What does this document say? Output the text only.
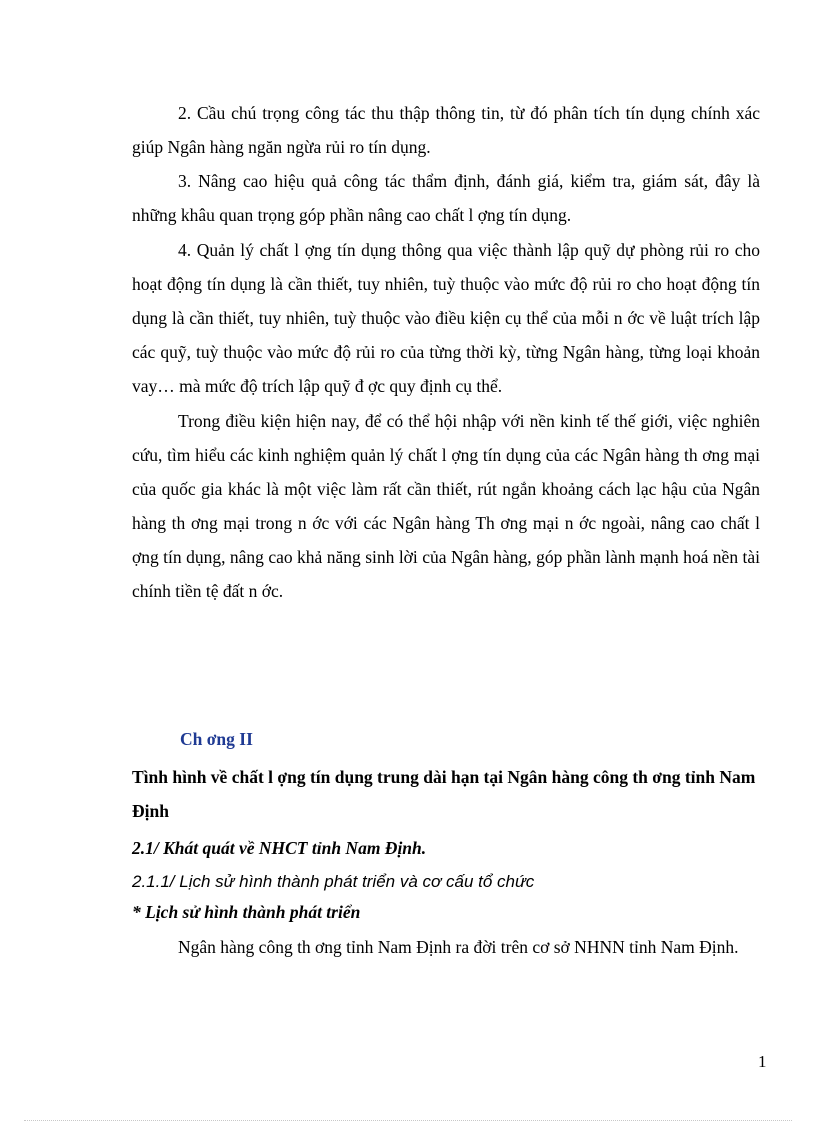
2. Cầu chú trọng công tác thu thập thông tin, từ đó phân tích tín dụng chính xác giúp Ngân hàng ngăn ngừa rủi ro tín dụng.

3. Nâng cao hiệu quả công tác thẩm định, đánh giá, kiểm tra, giám sát, đây là những khâu quan trọng góp phần nâng cao chất l ợng tín dụng.

4. Quản lý chất l ợng tín dụng thông qua việc thành lập quỹ dự phòng rủi ro cho hoạt động tín dụng là cần thiết, tuy nhiên, tuỳ thuộc vào mức độ rủi ro cho hoạt động tín dụng là cần thiết, tuy nhiên, tuỳ thuộc vào điều kiện cụ thể của mỗi n ớc về luật trích lập các quỹ, tuỳ thuộc vào mức độ rủi ro của từng thời kỳ, từng Ngân hàng, từng loại khoản vay… mà mức độ trích lập quỹ đ ợc quy định cụ thể.

Trong điều kiện hiện nay, để có thể hội nhập với nền kinh tế thế giới, việc nghiên cứu, tìm hiểu các kinh nghiệm quản lý chất l ợng tín dụng của các Ngân hàng th ơng mại của quốc gia khác là một việc làm rất cần thiết, rút ngắn khoảng cách lạc hậu của Ngân hàng th ơng mại trong n ớc với các Ngân hàng Th ơng mại n ớc ngoài, nâng cao chất l ợng tín dụng, nâng cao khả năng sinh lời của Ngân hàng, góp phần lành mạnh hoá nền tài chính tiền tệ đất n ớc.

Ch ơng II

Tình hình về chất l ợng tín dụng trung dài hạn tại Ngân hàng công th ơng tỉnh Nam Định

2.1/ Khát quát về NHCT tỉnh Nam Định.

2.1.1/ Lịch sử hình thành phát triển và cơ cấu tổ chức

* Lịch sử hình thành phát triển

Ngân hàng công th ơng tỉnh Nam Định ra đời trên cơ sở NHNN tỉnh Nam Định.

1
